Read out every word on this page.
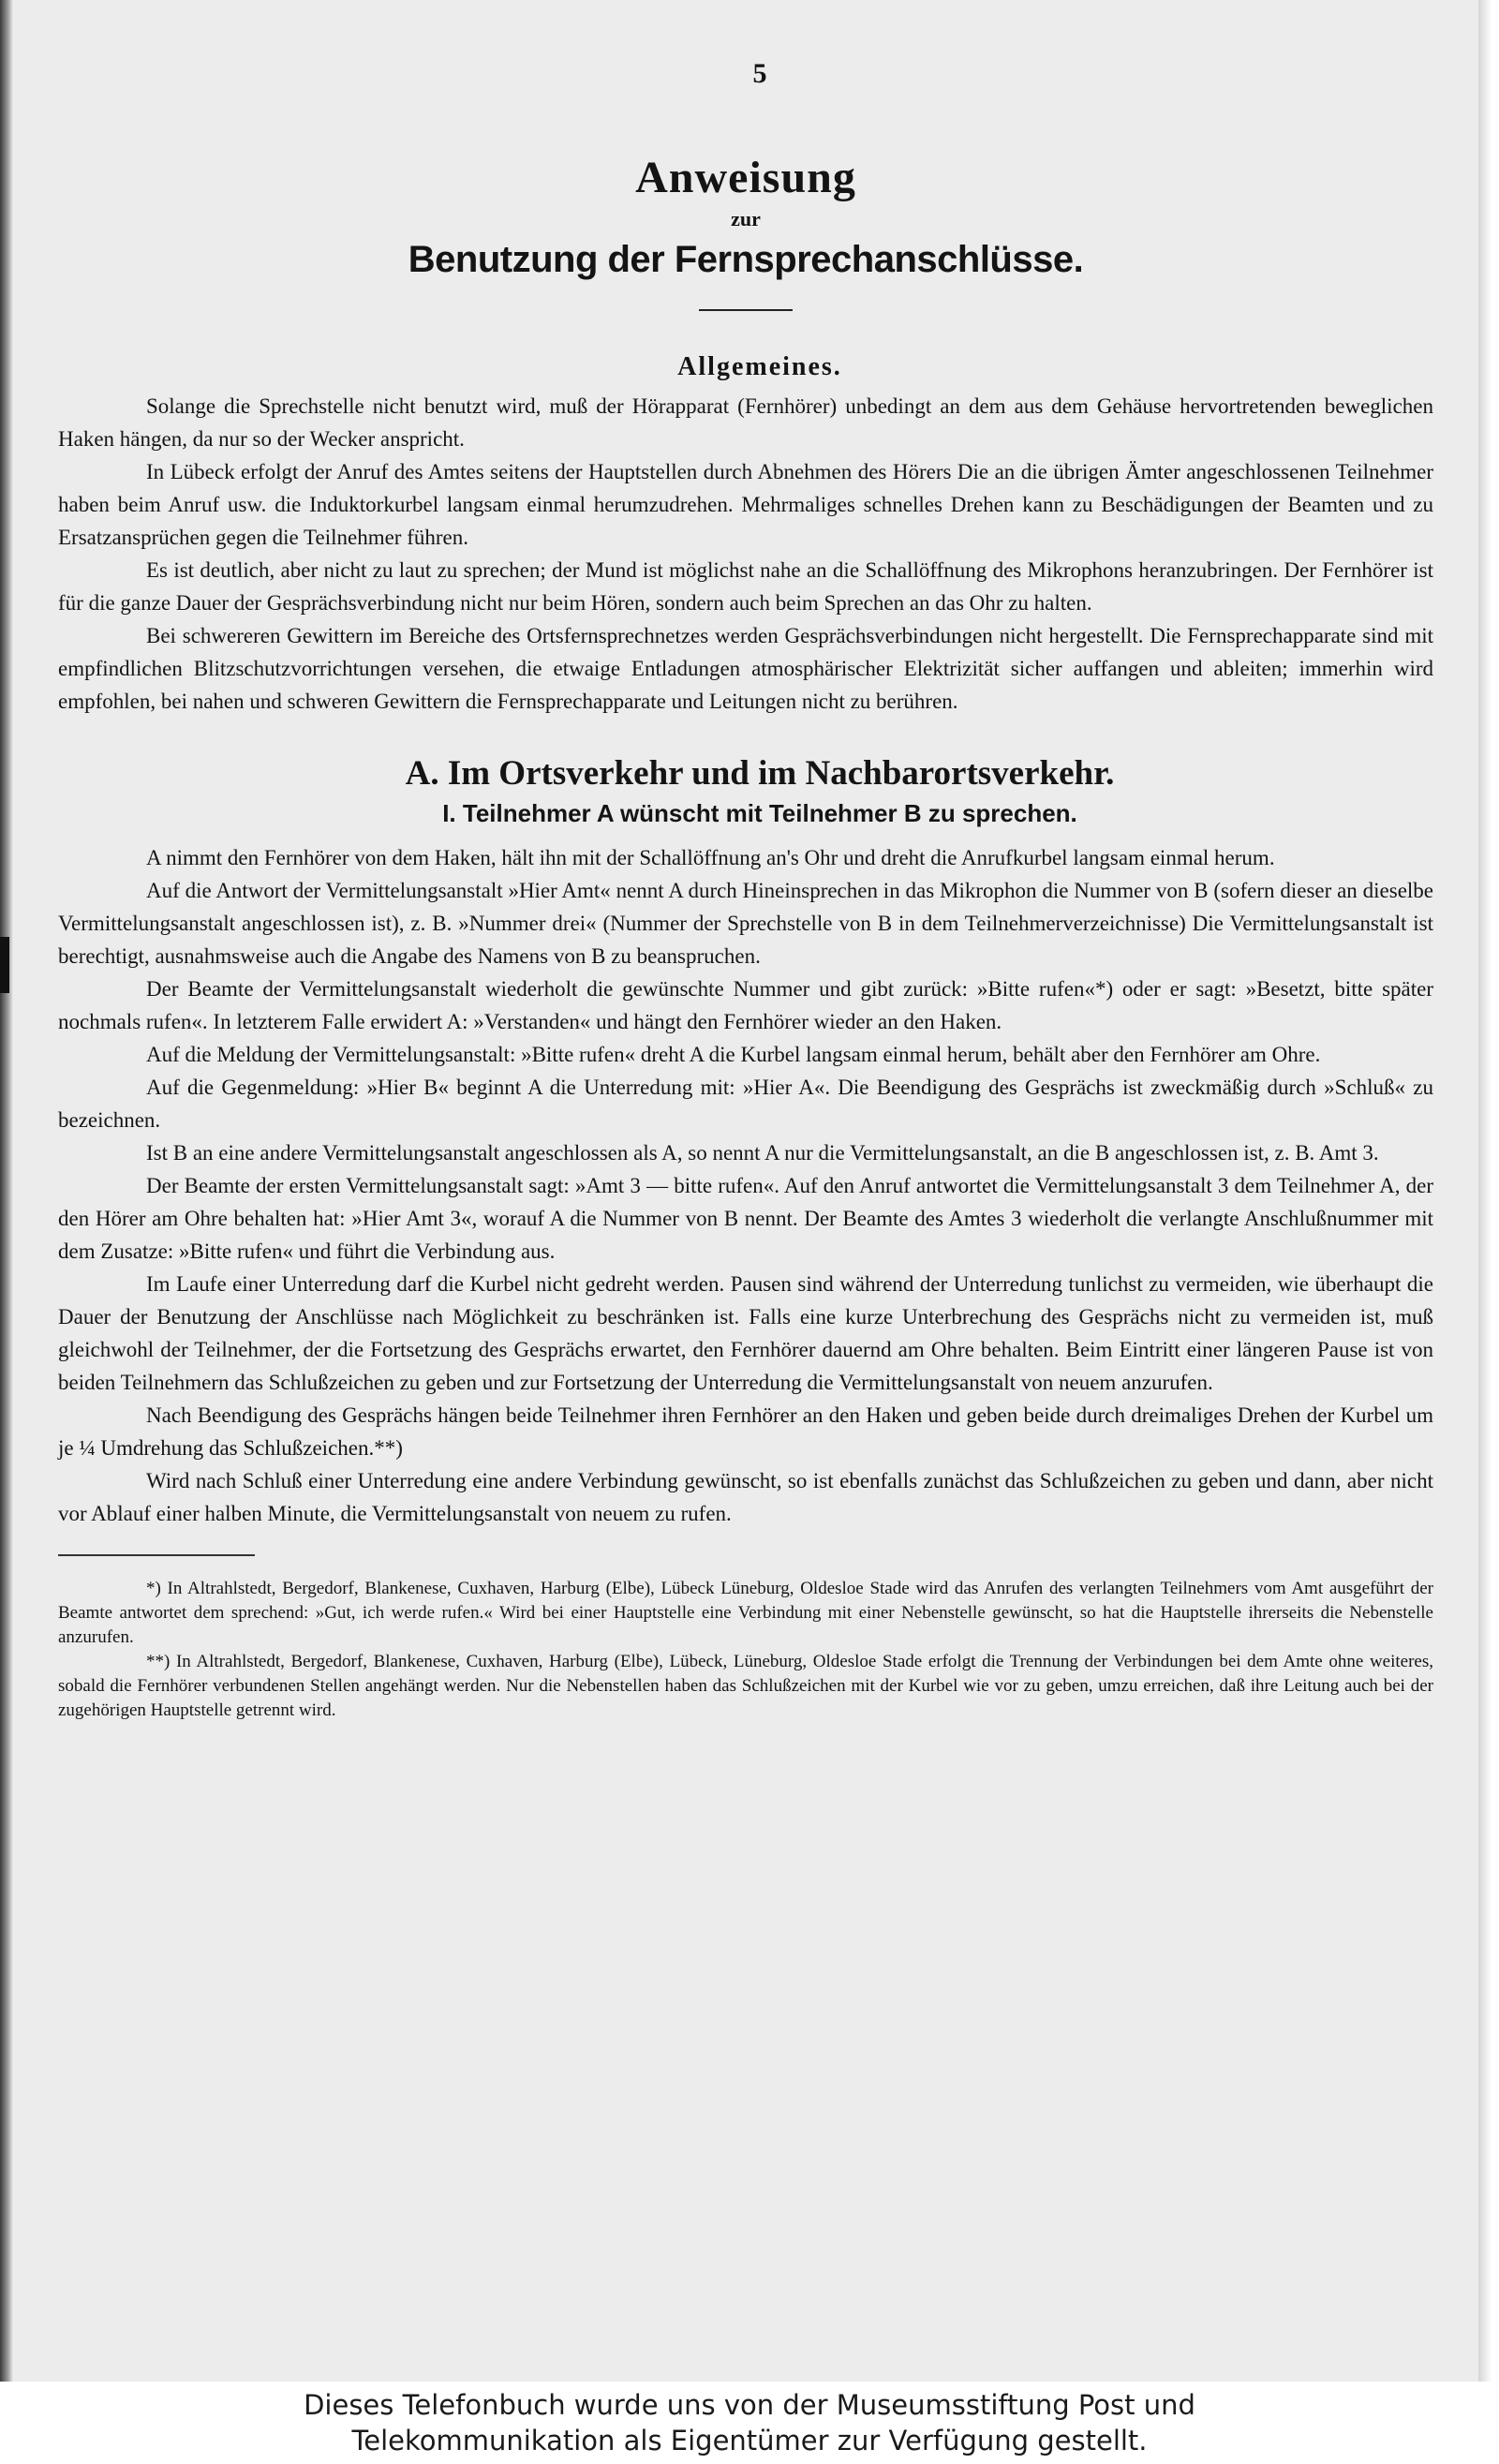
5
Anweisung
zur
Benutzung der Fernsprechanschlüsse.
Allgemeines.

Solange die Sprechstelle nicht benutzt wird, muß der Hörapparat (Fernhörer) unbedingt an dem aus dem Gehäuse hervortretenden beweglichen Haken hängen, da nur so der Wecker anspricht.

In Lübeck erfolgt der Anruf des Amtes seitens der Hauptstellen durch Abnehmen des Hörers Die an die übrigen Ämter angeschlossenen Teilnehmer haben beim Anruf usw. die Induktorkurbel langsam einmal herumzudrehen. Mehrmaliges schnelles Drehen kann zu Beschädigungen der Beamten und zu Ersatzansprüchen gegen die Teilnehmer führen.

Es ist deutlich, aber nicht zu laut zu sprechen; der Mund ist möglichst nahe an die Schallöffnung des Mikrophons heranzubringen. Der Fernhörer ist für die ganze Dauer der Gesprächsverbindung nicht nur beim Hören, sondern auch beim Sprechen an das Ohr zu halten.

Bei schwereren Gewittern im Bereiche des Ortsfernsprechnetzes werden Gesprächsverbindungen nicht hergestellt. Die Fernsprechapparate sind mit empfindlichen Blitzschutzvorrichtungen versehen, die etwaige Entladungen atmosphärischer Elektrizität sicher auffangen und ableiten; immerhin wird empfohlen, bei nahen und schweren Gewittern die Fernsprechapparate und Leitungen nicht zu berühren.

A. Im Ortsverkehr und im Nachbarortsverkehr.
I. Teilnehmer A wünscht mit Teilnehmer B zu sprechen.

A nimmt den Fernhörer von dem Haken, hält ihn mit der Schallöffnung an's Ohr und dreht die Anrufkurbel langsam einmal herum.

Auf die Antwort der Vermittelungsanstalt »Hier Amt« nennt A durch Hineinsprechen in das Mikrophon die Nummer von B (sofern dieser an dieselbe Vermittelungsanstalt angeschlossen ist), z. B. »Nummer drei« (Nummer der Sprechstelle von B in dem Teilnehmerverzeichnisse) Die Vermittelungsanstalt ist berechtigt, ausnahmsweise auch die Angabe des Namens von B zu beanspruchen.

Der Beamte der Vermittelungsanstalt wiederholt die gewünschte Nummer und gibt zurück: »Bitte rufen«*) oder er sagt: »Besetzt, bitte später nochmals rufen«. In letzterem Falle erwidert A: »Verstanden« und hängt den Fernhörer wieder an den Haken.

Auf die Meldung der Vermittelungsanstalt: »Bitte rufen« dreht A die Kurbel langsam einmal herum, behält aber den Fernhörer am Ohre.

Auf die Gegenmeldung: »Hier B« beginnt A die Unterredung mit: »Hier A«. Die Beendigung des Gesprächs ist zweckmäßig durch »Schluß« zu bezeichnen.

Ist B an eine andere Vermittelungsanstalt angeschlossen als A, so nennt A nur die Vermittelungsanstalt, an die B angeschlossen ist, z. B. Amt 3.

Der Beamte der ersten Vermittelungsanstalt sagt: »Amt 3 — bitte rufen«. Auf den Anruf antwortet die Vermittelungsanstalt 3 dem Teilnehmer A, der den Hörer am Ohre behalten hat: »Hier Amt 3«, worauf A die Nummer von B nennt. Der Beamte des Amtes 3 wiederholt die verlangte Anschlußnummer mit dem Zusatze: »Bitte rufen« und führt die Verbindung aus.

Im Laufe einer Unterredung darf die Kurbel nicht gedreht werden. Pausen sind während der Unterredung tunlichst zu vermeiden, wie überhaupt die Dauer der Benutzung der Anschlüsse nach Möglichkeit zu beschränken ist. Falls eine kurze Unterbrechung des Gesprächs nicht zu vermeiden ist, muß gleichwohl der Teilnehmer, der die Fortsetzung des Gesprächs erwartet, den Fernhörer dauernd am Ohre behalten. Beim Eintritt einer längeren Pause ist von beiden Teilnehmern das Schlußzeichen zu geben und zur Fortsetzung der Unterredung die Vermittelungsanstalt von neuem anzurufen.

Nach Beendigung des Gesprächs hängen beide Teilnehmer ihren Fernhörer an den Haken und geben beide durch dreimaliges Drehen der Kurbel um je ¼ Umdrehung das Schlußzeichen.**)

Wird nach Schluß einer Unterredung eine andere Verbindung gewünscht, so ist ebenfalls zunächst das Schlußzeichen zu geben und dann, aber nicht vor Ablauf einer halben Minute, die Vermittelungsanstalt von neuem zu rufen.

*) In Altrahlstedt, Bergedorf, Blankenese, Cuxhaven, Harburg (Elbe), Lübeck Lüneburg, Oldesloe Stade wird das Anrufen des verlangten Teilnehmers vom Amt ausgeführt der Beamte antwortet dem sprechend: »Gut, ich werde rufen.« Wird bei einer Hauptstelle eine Verbindung mit einer Nebenstelle gewünscht, so hat die Hauptstelle ihrerseits die Nebenstelle anzurufen.

**) In Altrahlstedt, Bergedorf, Blankenese, Cuxhaven, Harburg (Elbe), Lübeck, Lüneburg, Oldesloe Stade erfolgt die Trennung der Verbindungen bei dem Amte ohne weiteres, sobald die Fernhörer verbundenen Stellen angehängt werden. Nur die Nebenstellen haben das Schlußzeichen mit der Kurbel wie vor zu geben, umzu erreichen, daß ihre Leitung auch bei der zugehörigen Hauptstelle getrennt wird.

Dieses Telefonbuch wurde uns von der Museumsstiftung Post und
Telekommunikation als Eigentümer zur Verfügung gestellt.
